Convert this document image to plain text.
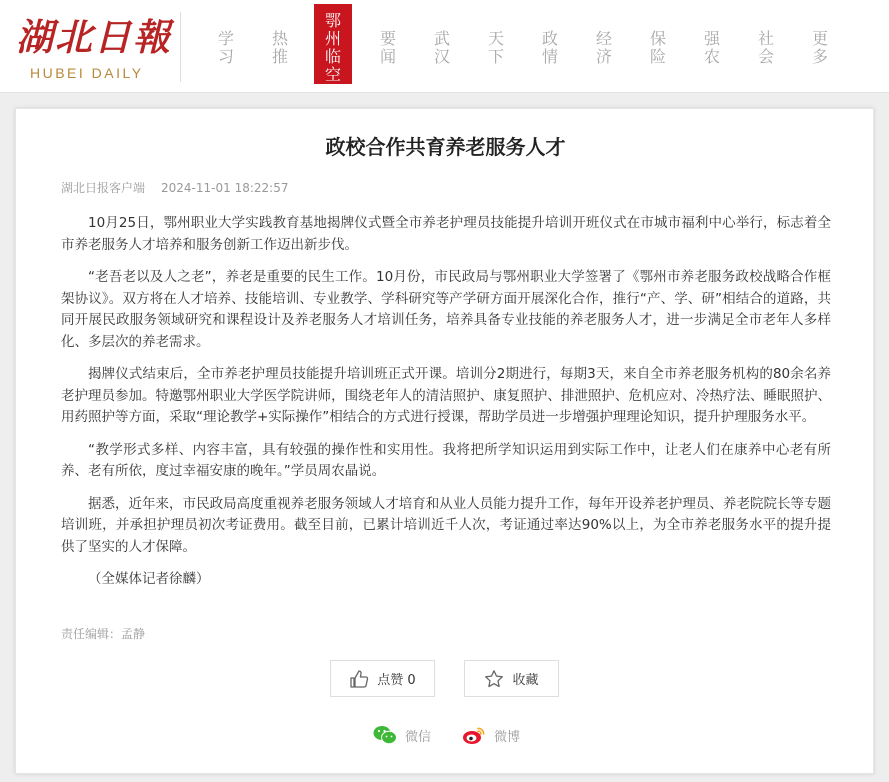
湖北日報
HUBEI DAILY
学习
热推
鄂州临空
要闻
武汉
天下
政情
经济
保险
强农
社会
更多
政校合作共育养老服务人才
湖北日报客户端 2024-11-01 18:22:57

10月25日，鄂州职业大学实践教育基地揭牌仪式暨全市养老护理员技能提升培训开班仪式在市城市福利中心举行，标志着全市养老服务人才培养和服务创新工作迈出新步伐。

“老吾老以及人之老”，养老是重要的民生工作。10月份，市民政局与鄂州职业大学签署了《鄂州市养老服务政校战略合作框架协议》。双方将在人才培养、技能培训、专业教学、学科研究等产学研方面开展深化合作，推行“产、学、研”相结合的道路，共同开展民政服务领域研究和课程设计及养老服务人才培训任务，培养具备专业技能的养老服务人才，进一步满足全市老年人多样化、多层次的养老需求。

揭牌仪式结束后，全市养老护理员技能提升培训班正式开课。培训分2期进行，每期3天，来自全市养老服务机构的80余名养老护理员参加。特邀鄂州职业大学医学院讲师，围绕老年人的清洁照护、康复照护、排泄照护、危机应对、冷热疗法、睡眠照护、用药照护等方面，采取“理论教学+实际操作”相结合的方式进行授课，帮助学员进一步增强护理理论知识，提升护理服务水平。

“教学形式多样、内容丰富，具有较强的操作性和实用性。我将把所学知识运用到实际工作中，让老人们在康养中心老有所养、老有所依，度过幸福安康的晚年。”学员周农晶说。

据悉，近年来，市民政局高度重视养老服务领域人才培育和从业人员能力提升工作，每年开设养老护理员、养老院院长等专题培训班，并承担护理员初次考证费用。截至目前，已累计培训近千人次，考证通过率达90%以上，为全市养老服务水平的提升提供了坚实的人才保障。

（全媒体记者徐麟）

责任编辑：孟静
点赞 0	收藏
微信	微博
